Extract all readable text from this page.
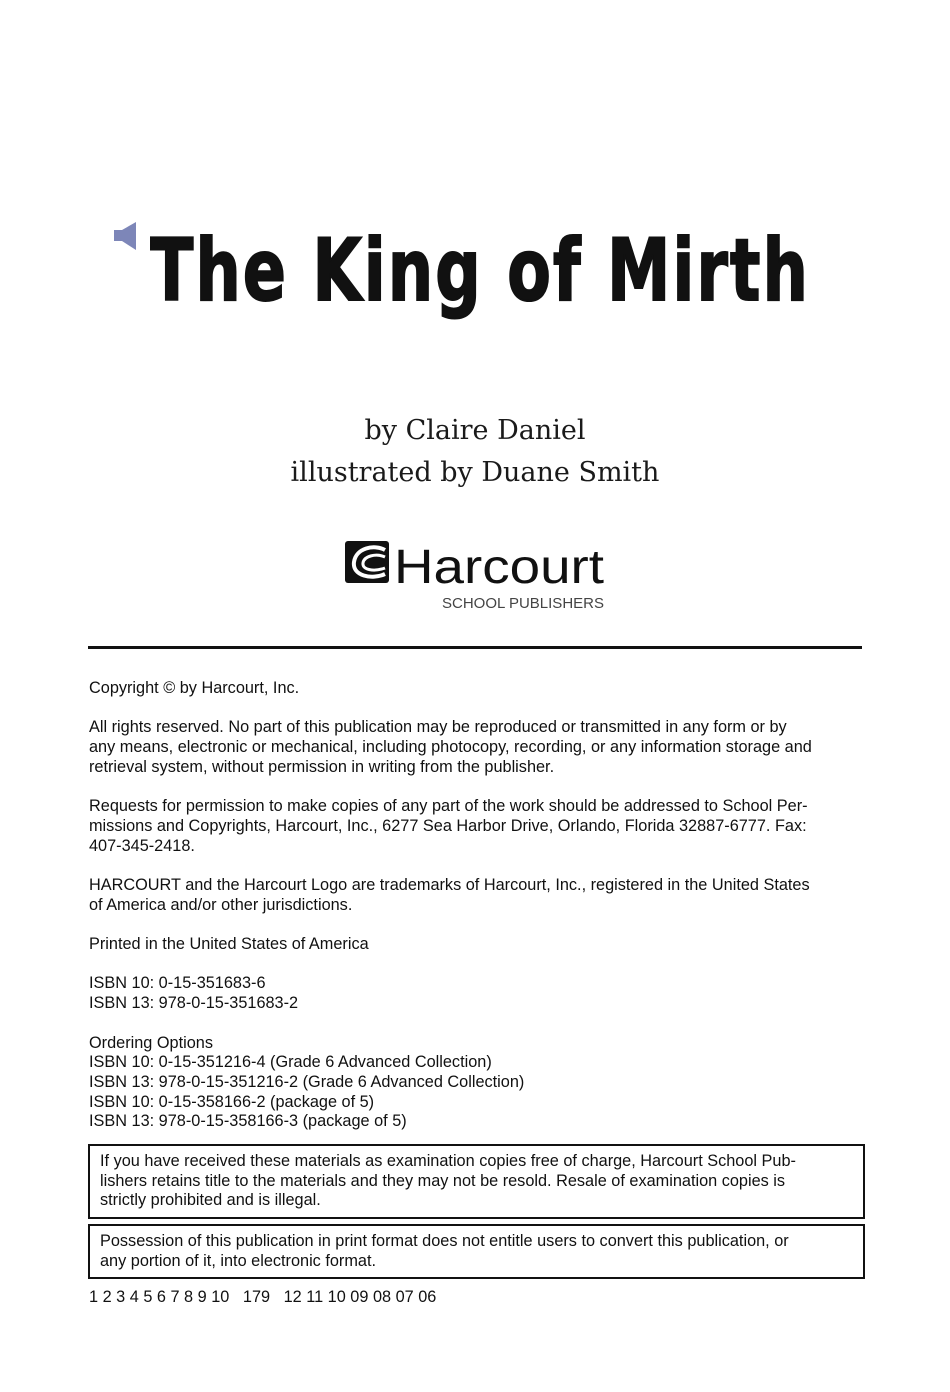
The King of Mirth
by Claire Daniel
illustrated by Duane Smith
Harcourt
SCHOOL PUBLISHERS

Copyright © by Harcourt, Inc.

All rights reserved. No part of this publication may be reproduced or transmitted in any form or by
any means, electronic or mechanical, including photocopy, recording, or any information storage and
retrieval system, without permission in writing from the publisher.

Requests for permission to make copies of any part of the work should be addressed to School Per-
missions and Copyrights, Harcourt, Inc., 6277 Sea Harbor Drive, Orlando, Florida 32887-6777. Fax:
407-345-2418.

HARCOURT and the Harcourt Logo are trademarks of Harcourt, Inc., registered in the United States
of America and/or other jurisdictions.

Printed in the United States of America

ISBN 10: 0-15-351683-6
ISBN 13: 978-0-15-351683-2

Ordering Options
ISBN 10: 0-15-351216-4 (Grade 6 Advanced Collection)
ISBN 13: 978-0-15-351216-2 (Grade 6 Advanced Collection)
ISBN 10: 0-15-358166-2 (package of 5)
ISBN 13: 978-0-15-358166-3 (package of 5)

If you have received these materials as examination copies free of charge, Harcourt School Pub-
lishers retains title to the materials and they may not be resold. Resale of examination copies is
strictly prohibited and is illegal.
Possession of this publication in print format does not entitle users to convert this publication, or
any portion of it, into electronic format.
1 2 3 4 5 6 7 8 9 10   179   12 11 10 09 08 07 06
